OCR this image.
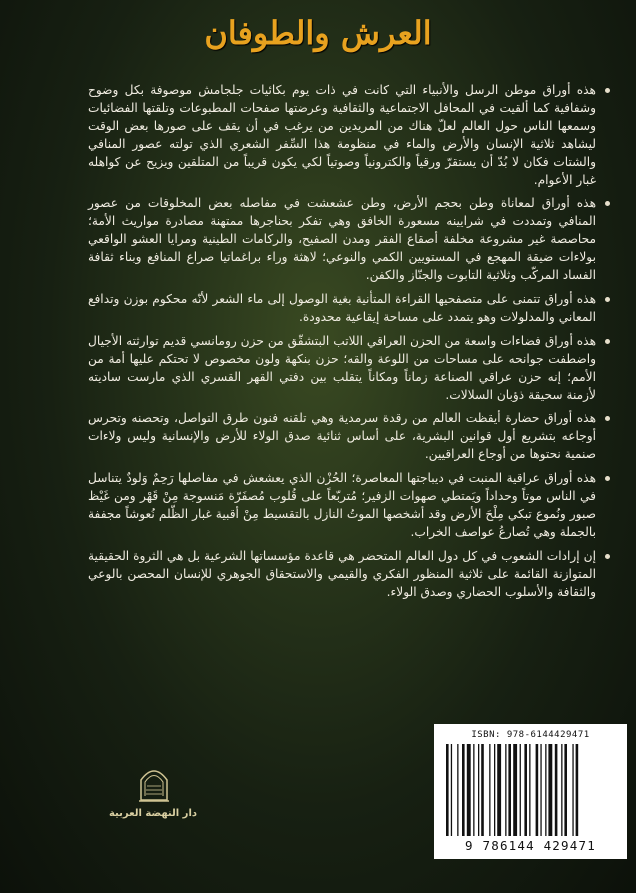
العرش والطوفان

هذه أوراق موطن الرسل والأنبياء التي كانت في ذات يوم بكائيات جلجامش موصوفة بكل وضوح وشفافية كما ألقيت في المحافل الاجتماعية والثقافية وعرضتها صفحات المطبوعات وتلقتها الفضائيات وسمعها الناس حول العالم لعلّ هناك من المريدين من يرغب في أن يقف على صورها بعض الوقت ليشاهد ثلاثية الإنسان والأرض والماء في منظومة هذا السِّفر الشعري الذي تولته عصور المنافي والشتات فكان لا بُدّ أن يستقرّ ورقياً والكترونياً وصوتياً لكي يكون قريباً من المتلقين ويزيح عن كواهله غبار الأعوام.

هذه أوراق لمعاناة وطن بحجم الأرض، وطن عشعشت في مفاصله بعض المخلوقات من عصور المنافي وتمددت في شرايينه مسعورة الخافق وهي تفكر بحناجرها ممتهنة مصادرة مواريث الأمة؛ محاصصة غير مشروعة مخلفة أصقاع الفقر ومدن الصفيح، والركامات الطينية ومرايا العشو الواقعي بولاءات ضيقة المهجع في المستويين الكمي والنوعي؛ لاهثة وراء براغماتيا صراع المنافع وبناء ثقافة الفساد المركّب وثلاثية التابوت والجنّاز والكفن.

هذه أوراق تتمنى على متصفحيها القراءة المتأنية بغية الوصول إلى ماء الشعر لأنّه محكوم بوزن وتدافع المعاني والمدلولات وهو يتمدد على مساحة إيقاعية محدودة.

هذه أوراق فضاءات واسعة من الحزن العراقي اللاتب البتشقّق من حزن رومانسي قديم توارثته الأجيال واضطفت جوانحه على مساحات من اللوعة والقه؛ حزن بنكهة ولون مخصوص لا تحتكم عليها أمة من الأمم؛ إنه حزن عراقي الصناعة زماناً ومكاناً يتقلب بين دفتي القهر القسري الذي مارست ساديته لأزمنة سحيقة ذؤبان السلالات.

هذه أوراق حضارة أيقظت العالم من رقدة سرمدية وهي تلقنه فنون طرق التواصل، وتحصنه وتحرس أوجاعه بتشريع أول قوانين البشرية، على أساس ثنائية صدق الولاء للأرض والإنسانية وليس ولاءات صنمية نحتوها من أوجاع العراقيين.

هذه أوراق عراقية المنبت في ديباجتها المعاصرة؛ الحُزْن الذي يعشعش في مفاصلها رَحِمٌ وَلودٌ يتناسل في الناس موتاً وحداداً ويَمتطي صهوات الزفير؛ مُتربّعاً على قُلوب مُصفَرّة مَنسوجة مِنْ قَهْر ومن غَيْظ صبور ونُموع تبكي مِلْحَ الأرض وقد أشخصها الموتُ النازل بالتقسيط مِنْ أقبية غبار الظّلم نُعوشاً مجففة بالجملة وهي تُصارعُ عواصف الخراب.

إن إرادات الشعوب في كل دول العالم المتحضر هي قاعدة مؤسساتها الشرعية بل هي الثروة الحقيقية المتوازنة القائمة على ثلاثية المنظور الفكري والقيمي والاستحقاق الجوهري للإنسان المحصن بالوعي والثقافة والأسلوب الحضاري وصدق الولاء.

دار النهضة العربية
ISBN: 978-6144429471
9 786144 429471
